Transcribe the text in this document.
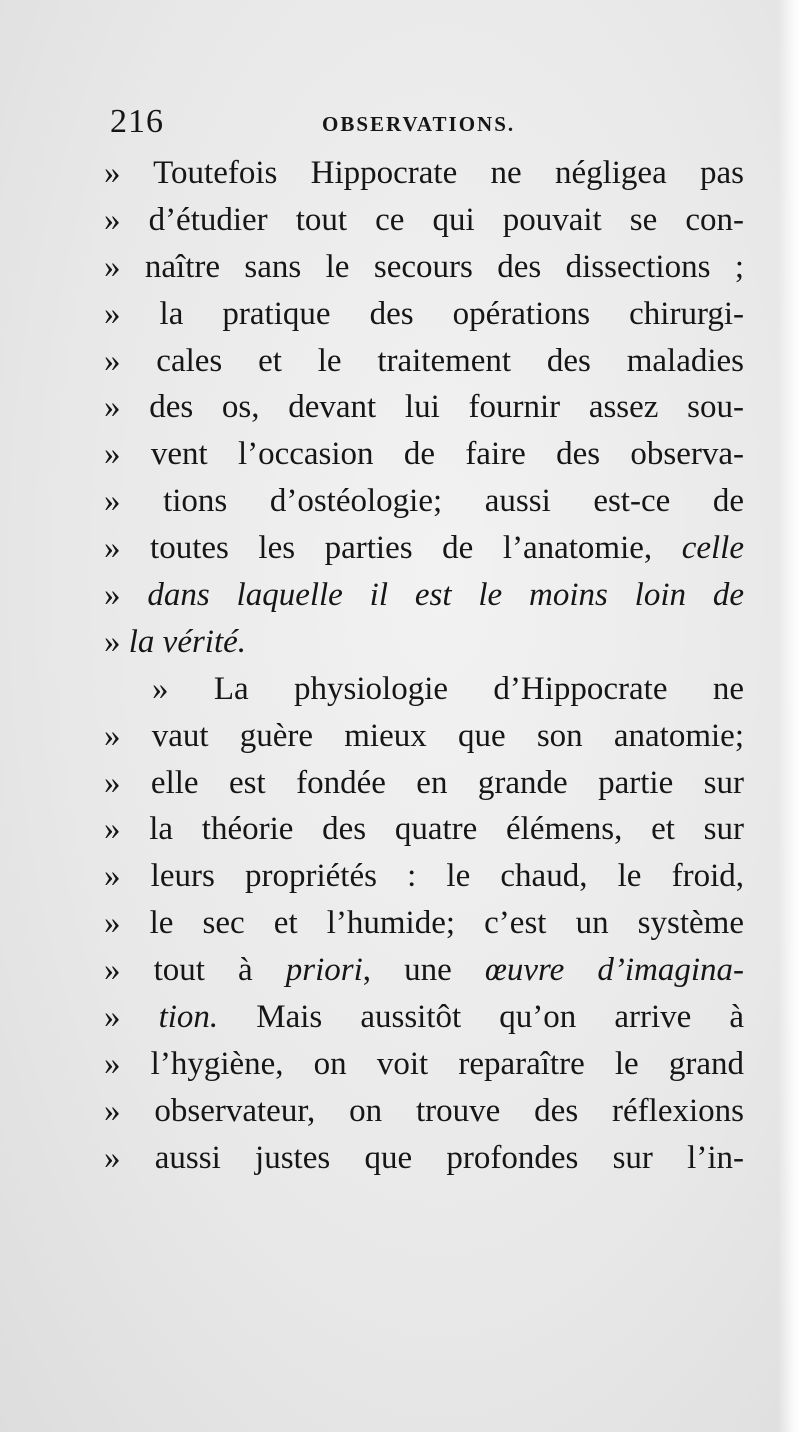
216	OBSERVATIONS.
» Toutefois Hippocrate ne négligea pas
» d’étudier tout ce qui pouvait se con-
» naître sans le secours des dissections ;
» la pratique des opérations chirurgi-
» cales et le traitement des maladies
» des os, devant lui fournir assez sou-
» vent l’occasion de faire des observa-
» tions d’ostéologie; aussi est-ce de
» toutes les parties de l’anatomie, celle
» dans laquelle il est le moins loin de
» la vérité.
» La physiologie d’Hippocrate ne
» vaut guère mieux que son anatomie;
» elle est fondée en grande partie sur
» la théorie des quatre élémens, et sur
» leurs propriétés : le chaud, le froid,
» le sec et l’humide; c’est un système
» tout à priori, une œuvre d’imagina-
» tion. Mais aussitôt qu’on arrive à
» l’hygiène, on voit reparaître le grand
» observateur, on trouve des réflexions
» aussi justes que profondes sur l’in-
